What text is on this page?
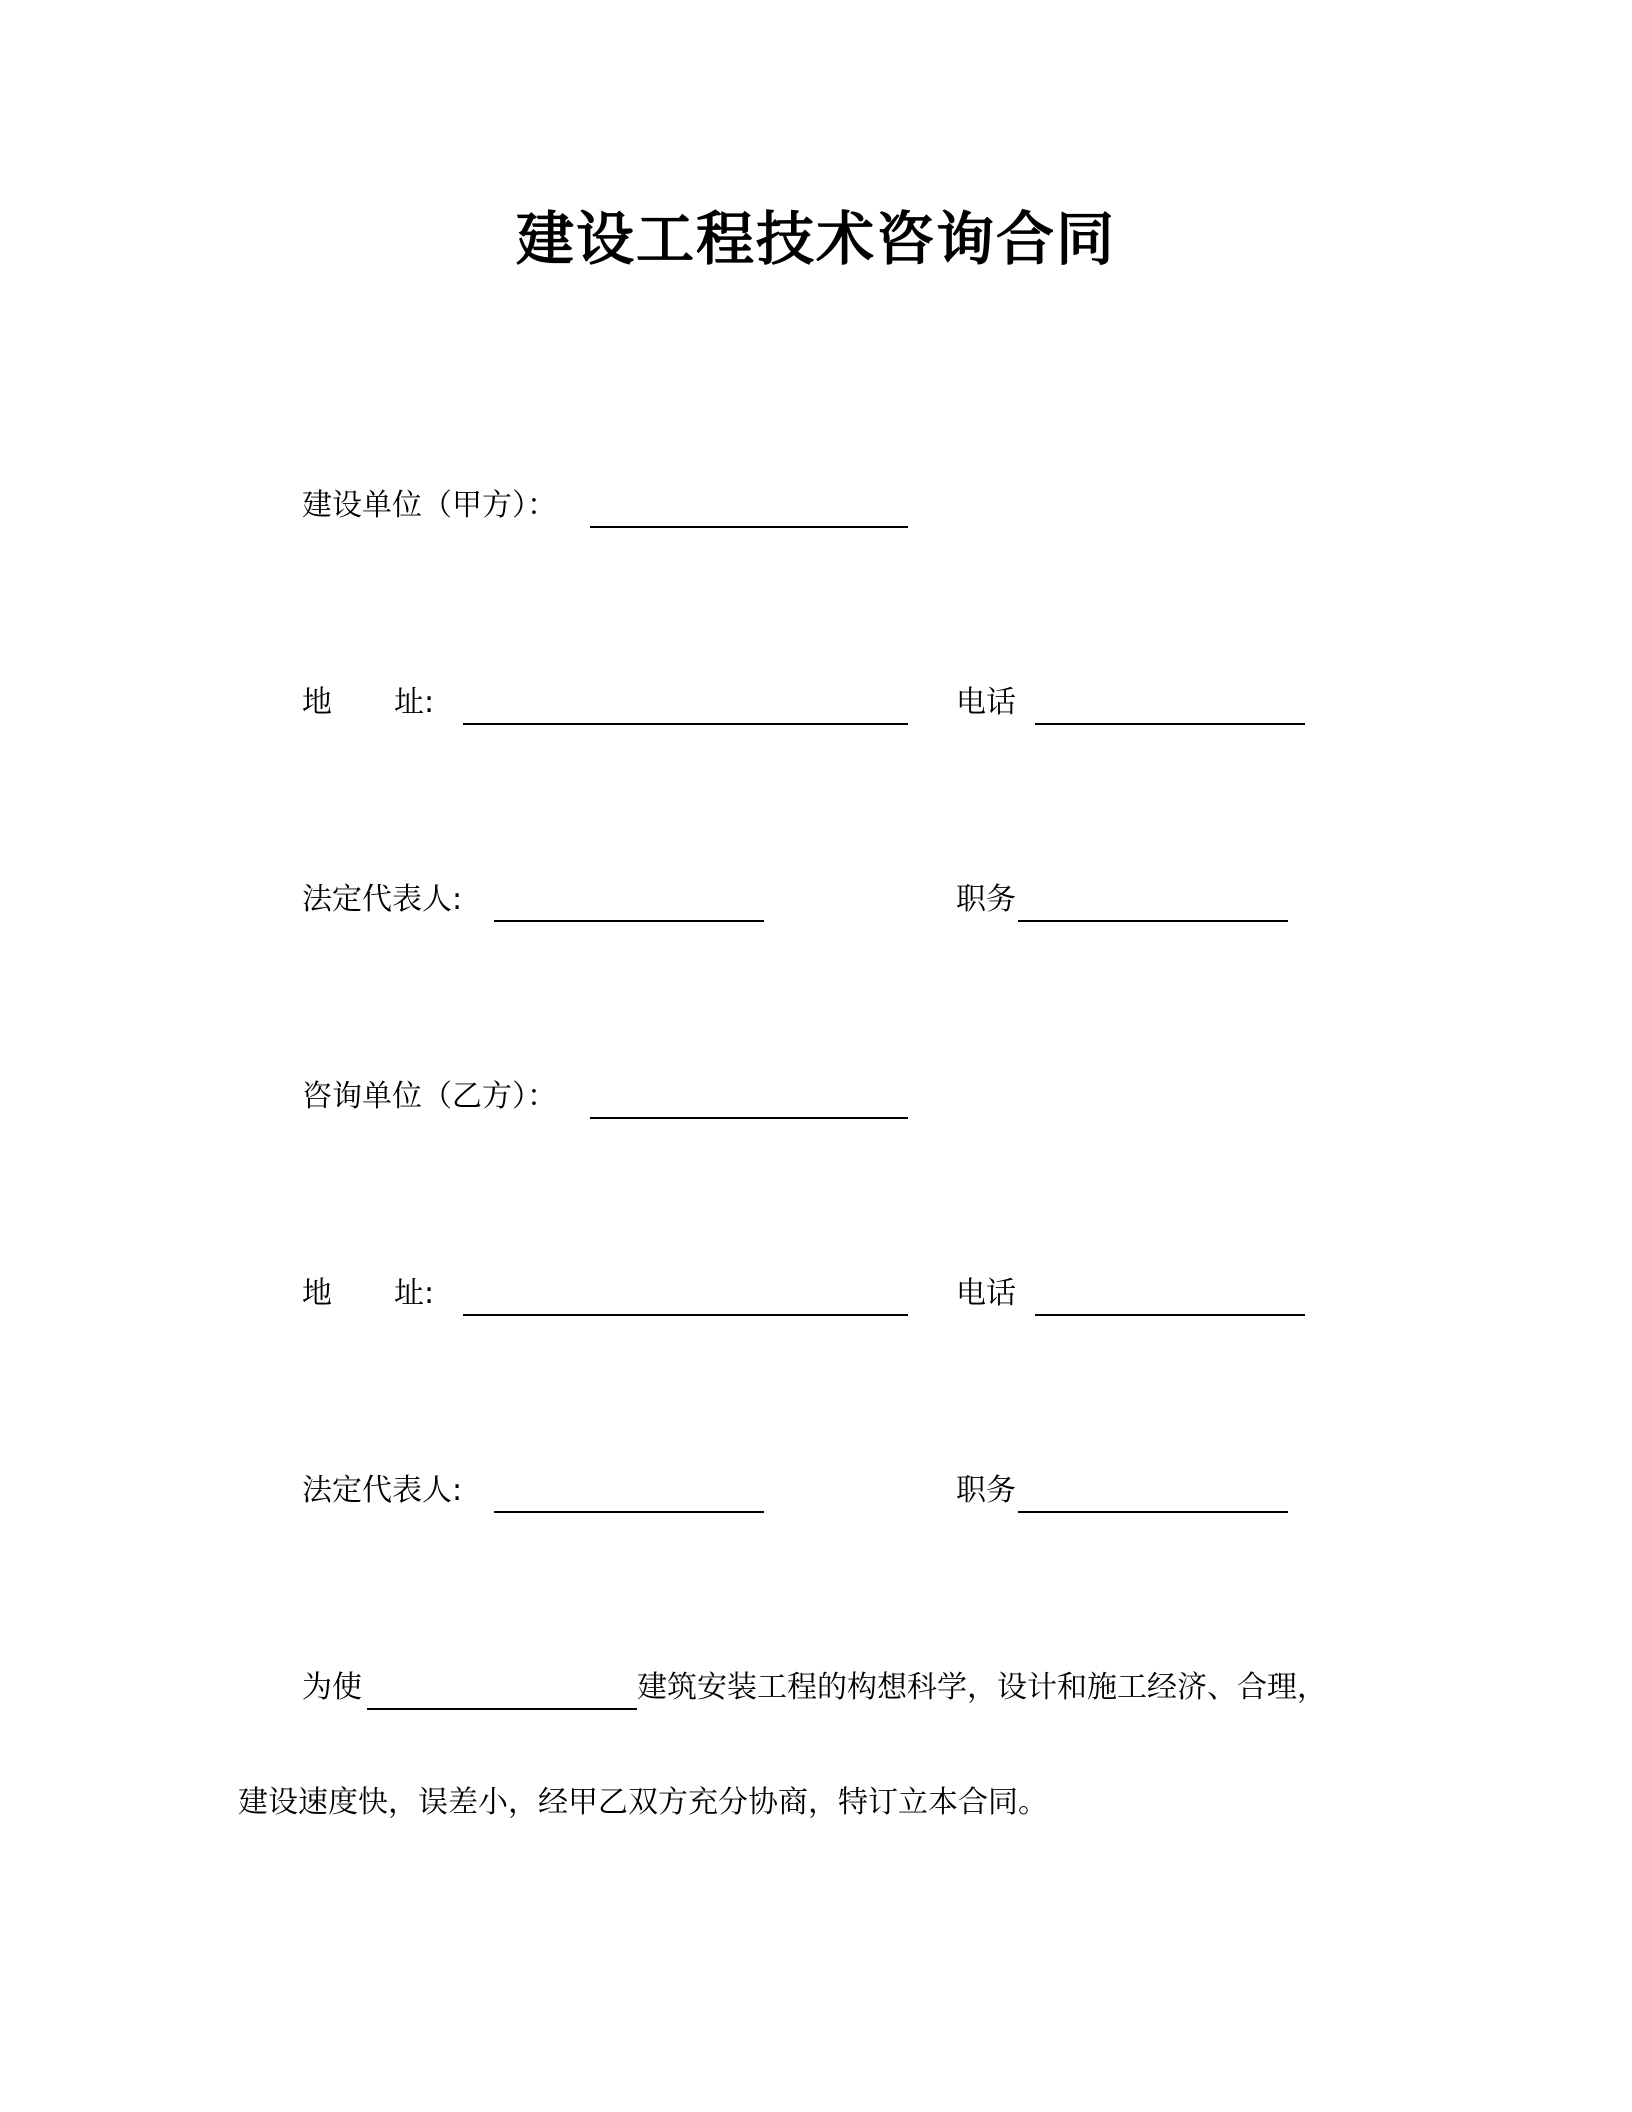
建设工程技术咨询合同
建设单位（甲方）：
地 址:	电话
法定代表人:	职务
咨询单位（乙方）：
地 址:	电话
法定代表人:	职务
为使	建筑安装工程的构想科学，设计和施工经济、合理，
建设速度快，误差小，经甲乙双方充分协商，特订立本合同。
